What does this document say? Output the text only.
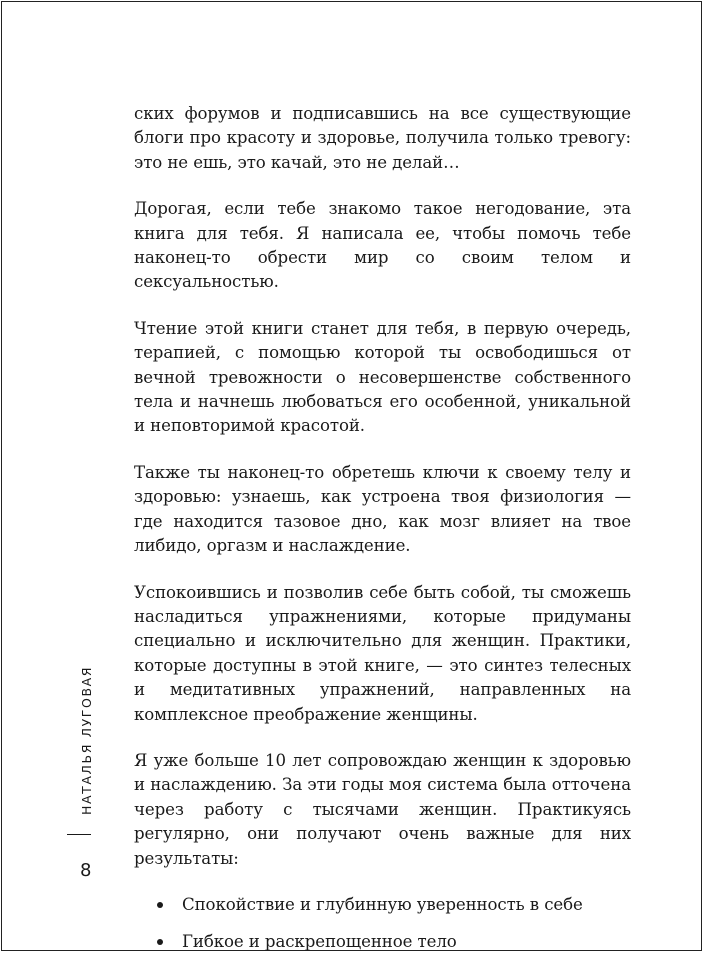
ских форумов и подписавшись на все существующие блоги про красоту и здоровье, получила только тревогу: это не ешь, это качай, это не делай…

Дорогая, если тебе знакомо такое негодование, эта книга для тебя. Я написала ее, чтобы помочь тебе наконец-то обрести мир со своим телом и сексуальностью.

Чтение этой книги станет для тебя, в первую очередь, терапией, с помощью которой ты освободишься от вечной тревожности о несовершенстве собственного тела и начнешь любоваться его особенной, уникальной и неповторимой красотой.

Также ты наконец-то обретешь ключи к своему телу и здоровью: узнаешь, как устроена твоя физиология — где находится тазовое дно, как мозг влияет на твое либидо, оргазм и наслаждение.

Успокоившись и позволив себе быть собой, ты сможешь насладиться упражнениями, которые придуманы специально и исключительно для женщин. Практики, которые доступны в этой книге, — это синтез телесных и медитативных упражнений, направленных на комплексное преображение женщины.

Я уже больше 10 лет сопровождаю женщин к здоровью и наслаждению. За эти годы моя система была отточена через работу с тысячами женщин. Практикуясь регулярно, они получают очень важные для них результаты:

Спокойствие и глубинную уверенность в себе
Гибкое и раскрепощенное тело
НАТАЛЬЯ ЛУГОВАЯ
8
